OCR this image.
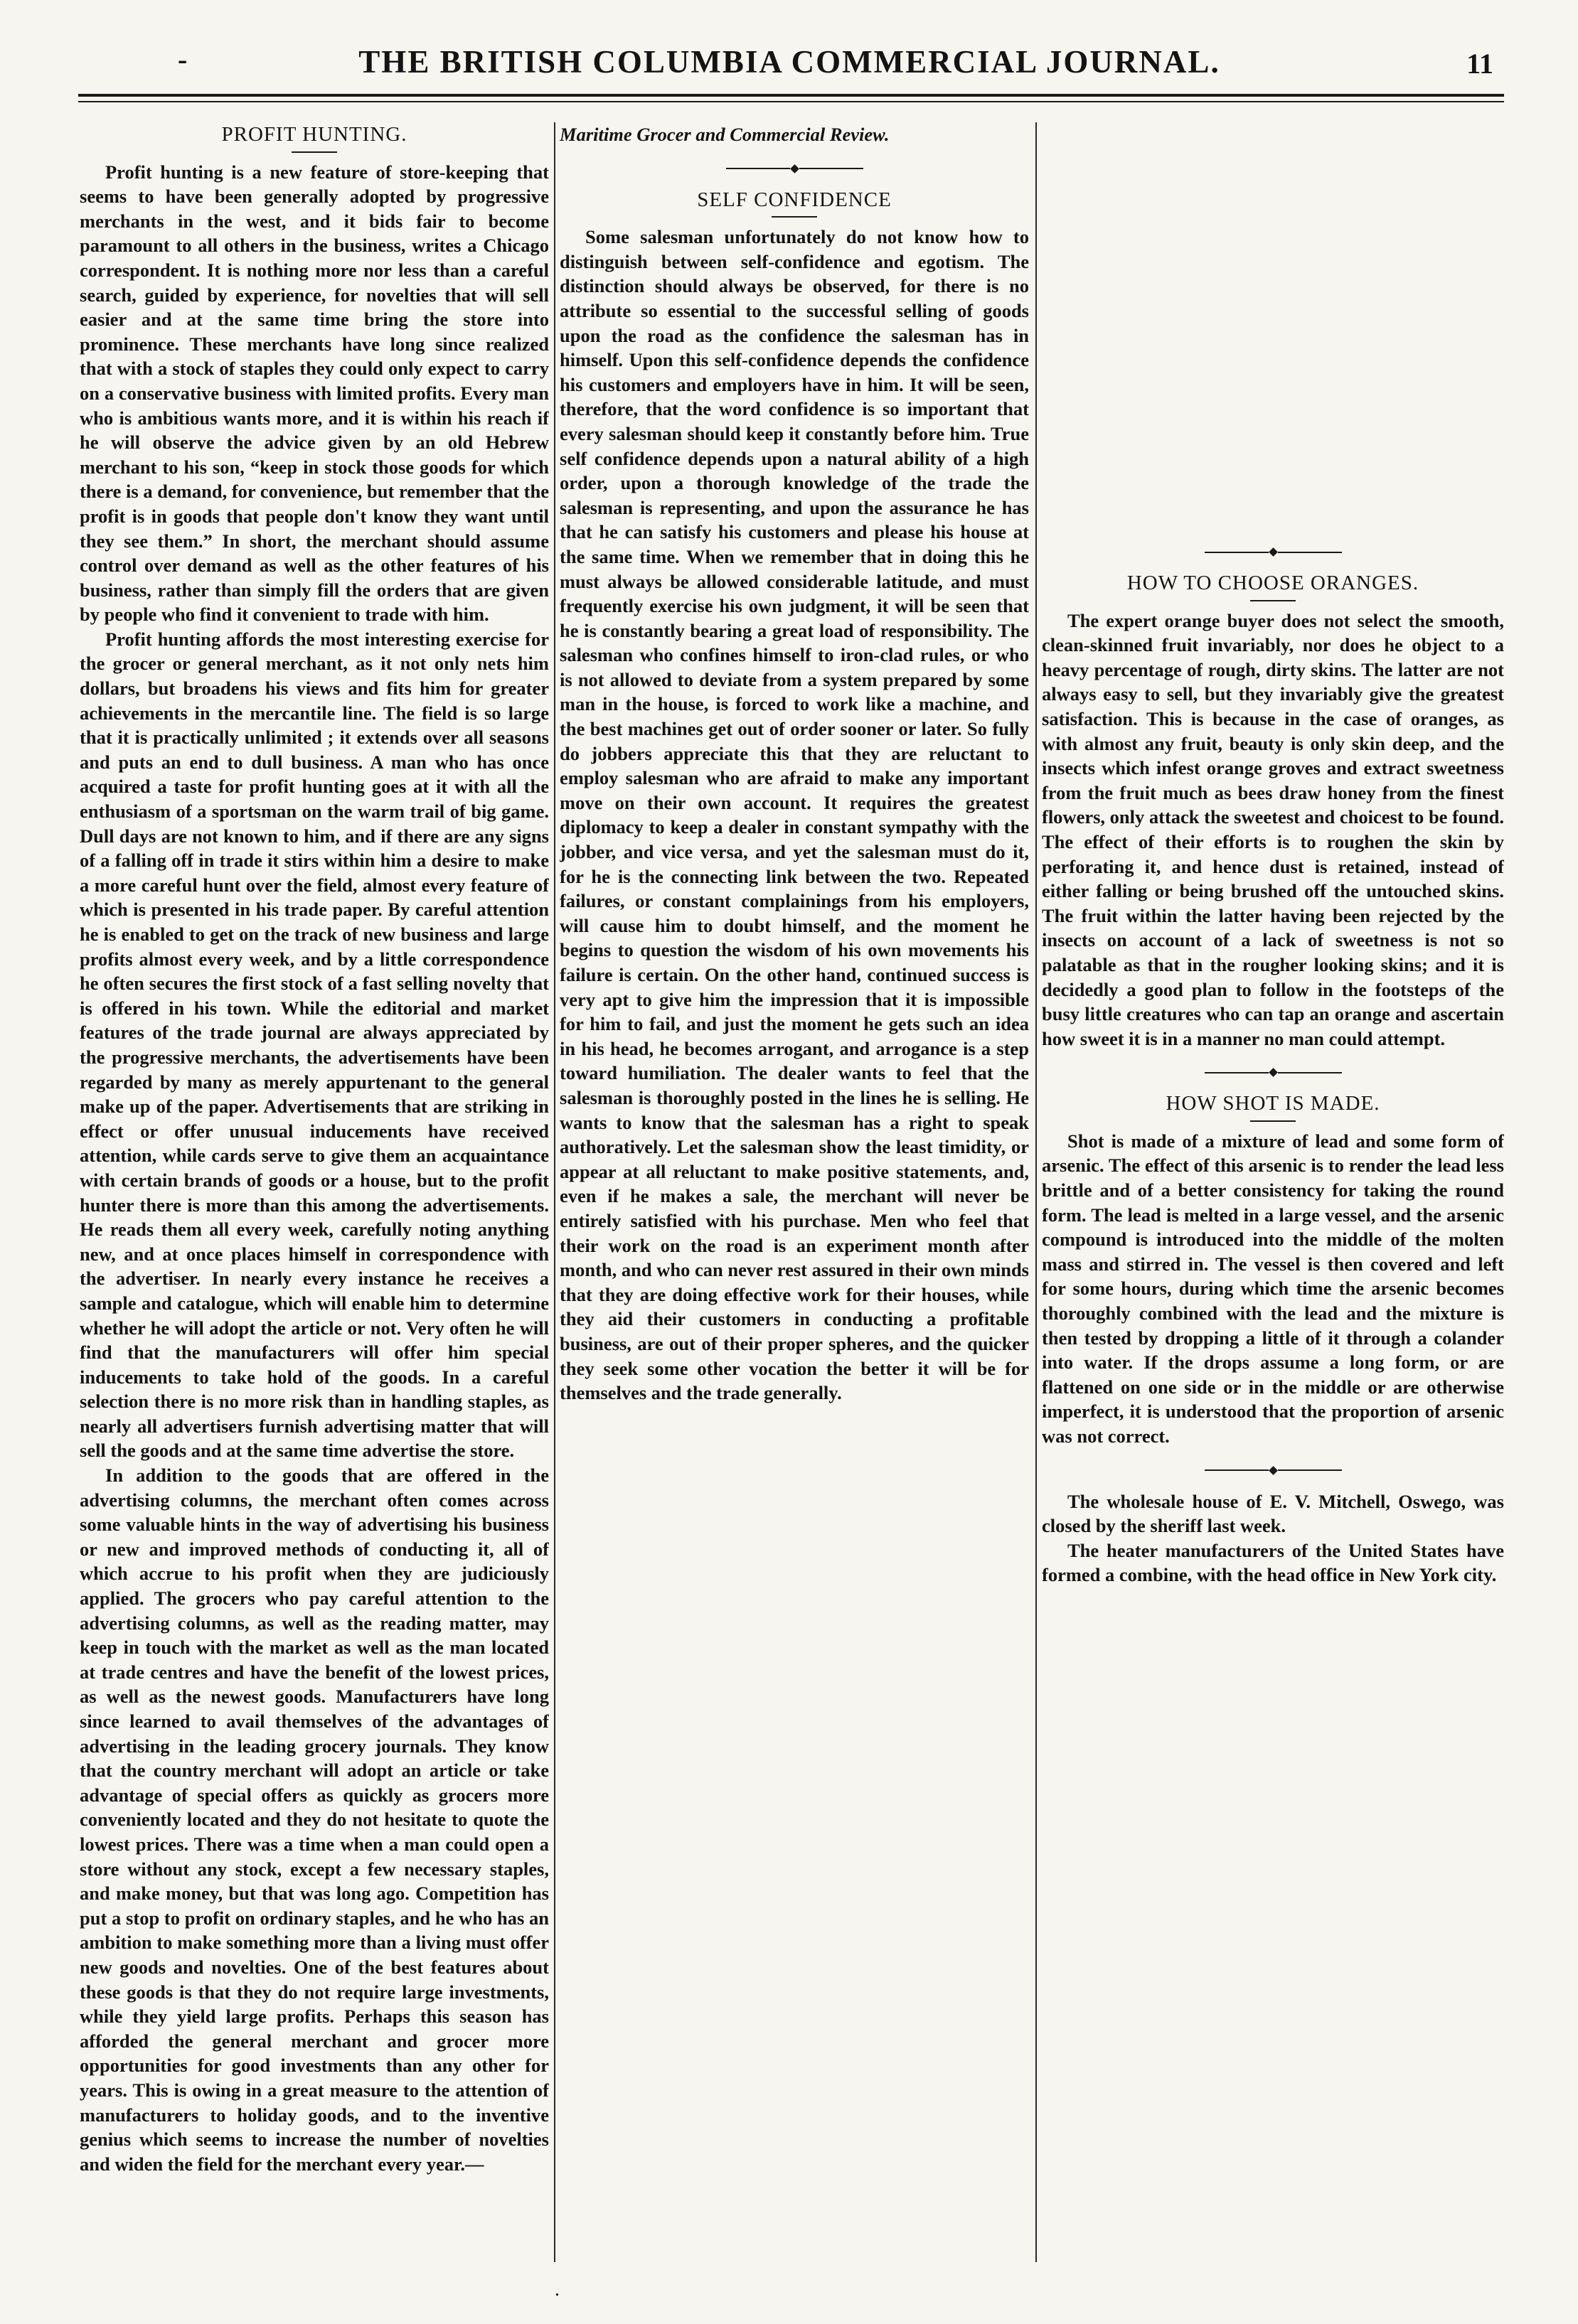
-	THE BRITISH COLUMBIA COMMERCIAL JOURNAL.	11
PROFIT HUNTING.

Profit hunting is a new feature of store-keeping that seems to have been generally adopted by progressive merchants in the west, and it bids fair to become paramount to all others in the business, writes a Chicago correspondent. It is nothing more nor less than a careful search, guided by experience, for novelties that will sell easier and at the same time bring the store into prominence. These merchants have long since realized that with a stock of staples they could only expect to carry on a conservative business with limited profits. Every man who is ambitious wants more, and it is within his reach if he will observe the advice given by an old Hebrew merchant to his son, “keep in stock those goods for which there is a demand, for convenience, but remember that the profit is in goods that people don't know they want until they see them.” In short, the merchant should assume control over demand as well as the other features of his business, rather than simply fill the orders that are given by people who find it convenient to trade with him.

Profit hunting affords the most interesting exercise for the grocer or general merchant, as it not only nets him dollars, but broadens his views and fits him for greater achievements in the mercantile line. The field is so large that it is practically unlimited ; it extends over all seasons and puts an end to dull business. A man who has once acquired a taste for profit hunting goes at it with all the enthusiasm of a sportsman on the warm trail of big game. Dull days are not known to him, and if there are any signs of a falling off in trade it stirs within him a desire to make a more careful hunt over the field, almost every feature of which is presented in his trade paper. By careful attention he is enabled to get on the track of new business and large profits almost every week, and by a little correspondence he often secures the first stock of a fast selling novelty that is offered in his town. While the editorial and market features of the trade journal are always appreciated by the progressive merchants, the advertisements have been regarded by many as merely appurtenant to the general make up of the paper. Advertisements that are striking in effect or offer unusual inducements have received attention, while cards serve to give them an acquaintance with certain brands of goods or a house, but to the profit hunter there is more than this among the advertisements. He reads them all every week, carefully noting anything new, and at once places himself in correspondence with the advertiser. In nearly every instance he receives a sample and catalogue, which will enable him to determine whether he will adopt the article or not. Very often he will find that the manufacturers will offer him special inducements to take hold of the goods. In a careful selection there is no more risk than in handling staples, as nearly all advertisers furnish advertising matter that will sell the goods and at the same time advertise the store.

In addition to the goods that are offered in the advertising columns, the merchant often comes across some valuable hints in the way of advertising his business or new and improved methods of conducting it, all of which accrue to his profit when they are judiciously applied. The grocers who pay careful attention to the advertising columns, as well as the reading matter, may keep in touch with the market as well as the man located at trade centres and have the benefit of the lowest prices, as well as the newest goods. Manufacturers have long since learned to avail themselves of the advantages of advertising in the leading grocery journals. They know that the country merchant will adopt an article or take advantage of special offers as quickly as grocers more conveniently located and they do not hesitate to quote the lowest prices. There was a time when a man could open a store without any stock, except a few necessary staples, and make money, but that was long ago. Competition has put a stop to profit on ordinary staples, and he who has an ambition to make something more than a living must offer new goods and novelties. One of the best features about these goods is that they do not require large investments, while they yield large profits. Perhaps this season has afforded the general merchant and grocer more opportunities for good investments than any other for years. This is owing in a great measure to the attention of manufacturers to holiday goods, and to the inventive genius which seems to increase the number of novelties and widen the field for the merchant every year.—

Maritime Grocer and Commercial Review.

SELF CONFIDENCE

Some salesman unfortunately do not know how to distinguish between self-confidence and egotism. The distinction should always be observed, for there is no attribute so essential to the successful selling of goods upon the road as the confidence the salesman has in himself. Upon this self-confidence depends the confidence his customers and employers have in him. It will be seen, therefore, that the word confidence is so important that every salesman should keep it constantly before him. True self confidence depends upon a natural ability of a high order, upon a thorough knowledge of the trade the salesman is representing, and upon the assurance he has that he can satisfy his customers and please his house at the same time. When we remember that in doing this he must always be allowed considerable latitude, and must frequently exercise his own judgment, it will be seen that he is constantly bearing a great load of responsibility. The salesman who confines himself to iron-clad rules, or who is not allowed to deviate from a system prepared by some man in the house, is forced to work like a machine, and the best machines get out of order sooner or later. So fully do jobbers appreciate this that they are reluctant to employ salesman who are afraid to make any important move on their own account. It requires the greatest diplomacy to keep a dealer in constant sympathy with the jobber, and vice versa, and yet the salesman must do it, for he is the connecting link between the two. Repeated failures, or constant complainings from his employers, will cause him to doubt himself, and the moment he begins to question the wisdom of his own movements his failure is certain. On the other hand, continued success is very apt to give him the impression that it is impossible for him to fail, and just the moment he gets such an idea in his head, he becomes arrogant, and arrogance is a step toward humiliation. The dealer wants to feel that the salesman is thoroughly posted in the lines he is selling. He wants to know that the salesman has a right to speak authoratively. Let the salesman show the least timidity, or appear at all reluctant to make positive statements, and, even if he makes a sale, the merchant will never be entirely satisfied with his purchase. Men who feel that their work on the road is an experiment month after month, and who can never rest assured in their own minds that they are doing effective work for their houses, while they aid their customers in conducting a profitable business, are out of their proper spheres, and the quicker they seek some other vocation the better it will be for themselves and the trade generally.

HOW TO CHOOSE ORANGES.

The expert orange buyer does not select the smooth, clean-skinned fruit invariably, nor does he object to a heavy percentage of rough, dirty skins. The latter are not always easy to sell, but they invariably give the greatest satisfaction. This is because in the case of oranges, as with almost any fruit, beauty is only skin deep, and the insects which infest orange groves and extract sweetness from the fruit much as bees draw honey from the finest flowers, only attack the sweetest and choicest to be found. The effect of their efforts is to roughen the skin by perforating it, and hence dust is retained, instead of either falling or being brushed off the untouched skins. The fruit within the latter having been rejected by the insects on account of a lack of sweetness is not so palatable as that in the rougher looking skins; and it is decidedly a good plan to follow in the footsteps of the busy little creatures who can tap an orange and ascertain how sweet it is in a manner no man could attempt.

HOW SHOT IS MADE.

Shot is made of a mixture of lead and some form of arsenic. The effect of this arsenic is to render the lead less brittle and of a better consistency for taking the round form. The lead is melted in a large vessel, and the arsenic compound is introduced into the middle of the molten mass and stirred in. The vessel is then covered and left for some hours, during which time the arsenic becomes thoroughly combined with the lead and the mixture is then tested by dropping a little of it through a colander into water. If the drops assume a long form, or are flattened on one side or in the middle or are otherwise imperfect, it is understood that the proportion of arsenic was not correct.

The wholesale house of E. V. Mitchell, Oswego, was closed by the sheriff last week.

The heater manufacturers of the United States have formed a combine, with the head office in New York city.

.
